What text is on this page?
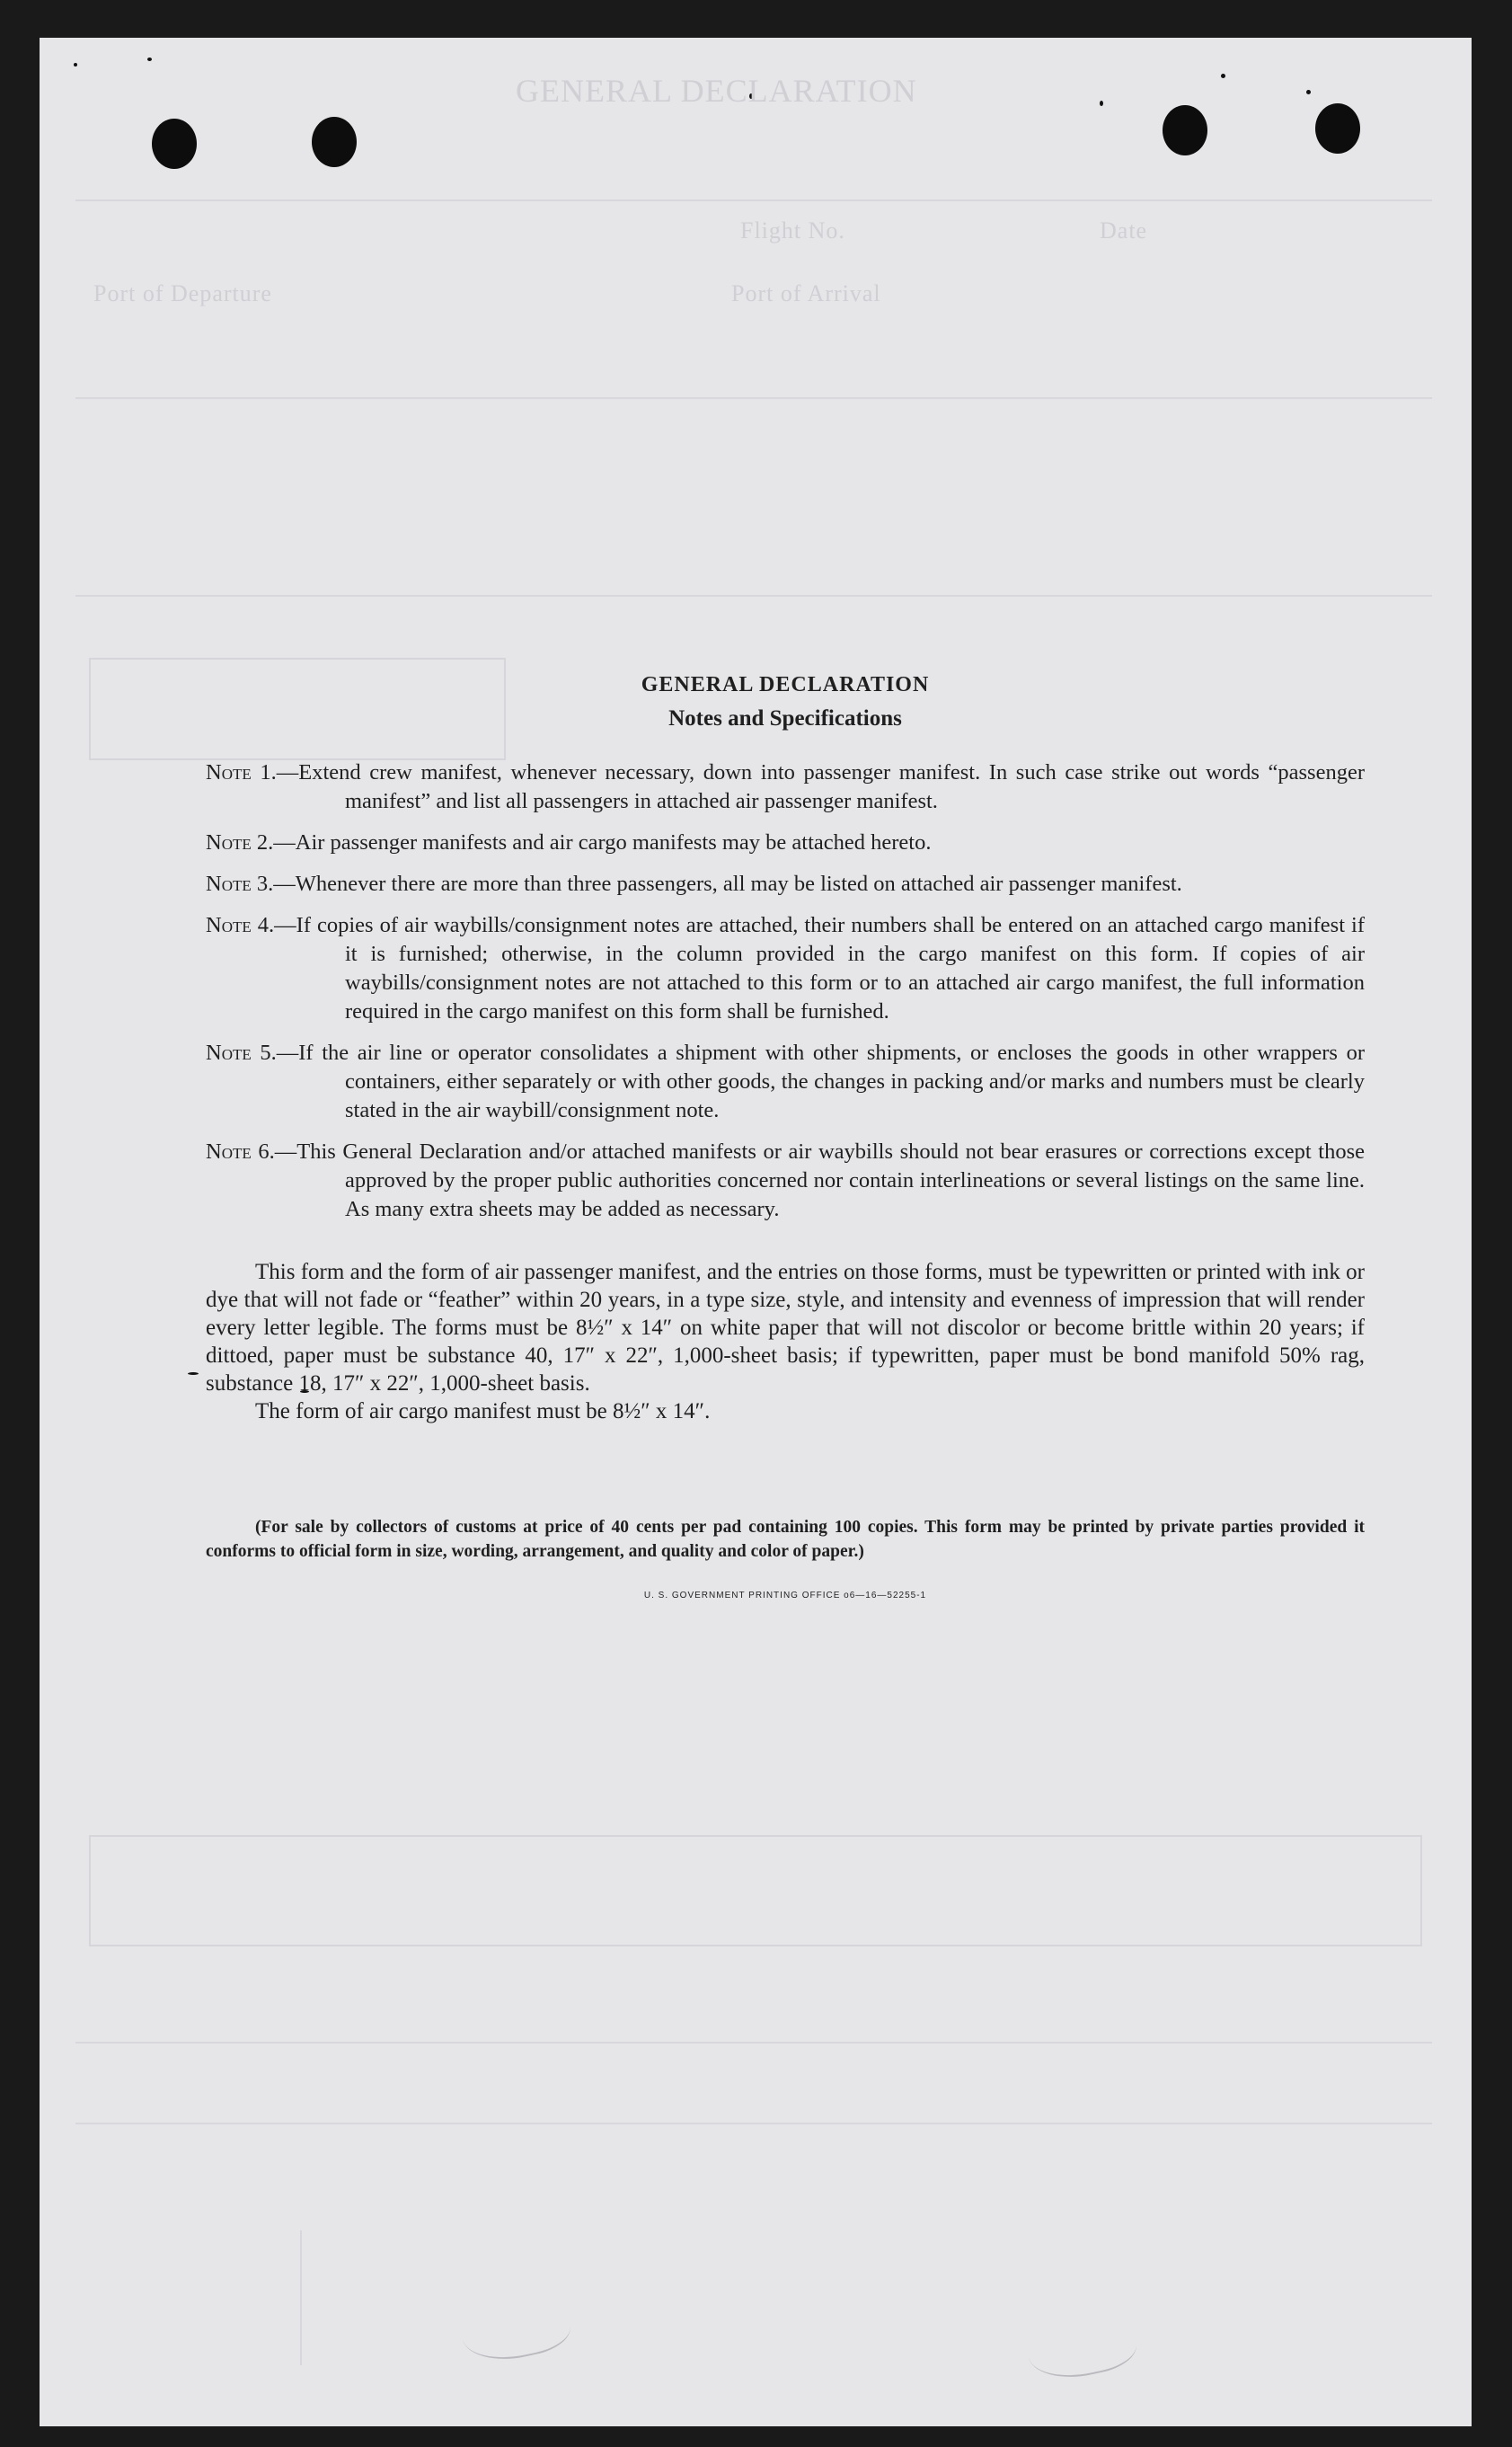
GENERAL DECLARATION
Flight No.	Date
Port of Departure	Port of Arrival

GENERAL DECLARATION

Notes and Specifications

Note 1.—Extend crew manifest, whenever necessary, down into passenger manifest. In such case strike out words “passenger manifest” and list all passengers in attached air passenger manifest.

Note 2.—Air passenger manifests and air cargo manifests may be attached hereto.

Note 3.—Whenever there are more than three passengers, all may be listed on attached air passenger manifest.

Note 4.—If copies of air waybills/consignment notes are attached, their numbers shall be entered on an attached cargo manifest if it is furnished; otherwise, in the column provided in the cargo manifest on this form. If copies of air waybills/consignment notes are not attached to this form or to an attached air cargo manifest, the full information required in the cargo manifest on this form shall be furnished.

Note 5.—If the air line or operator consolidates a shipment with other shipments, or encloses the goods in other wrappers or containers, either separately or with other goods, the changes in packing and/or marks and numbers must be clearly stated in the air waybill/consignment note.

Note 6.—This General Declaration and/or attached manifests or air waybills should not bear erasures or corrections except those approved by the proper public authorities concerned nor contain interlineations or several listings on the same line. As many extra sheets may be added as necessary.

This form and the form of air passenger manifest, and the entries on those forms, must be typewritten or printed with ink or dye that will not fade or “feather” within 20 years, in a type size, style, and intensity and evenness of impression that will render every letter legible. The forms must be 8½″ x 14″ on white paper that will not discolor or become brittle within 20 years; if dittoed, paper must be substance 40, 17″ x 22″, 1,000-sheet basis; if typewritten, paper must be bond manifold 50% rag, substance 18, 17″ x 22″, 1,000-sheet basis.

The form of air cargo manifest must be 8½″ x 14″.

(For sale by collectors of customs at price of 40 cents per pad containing 100 copies. This form may be printed by private parties provided it conforms to official form in size, wording, arrangement, and quality and color of paper.)

U. S. GOVERNMENT PRINTING OFFICE o6—16—52255-1
